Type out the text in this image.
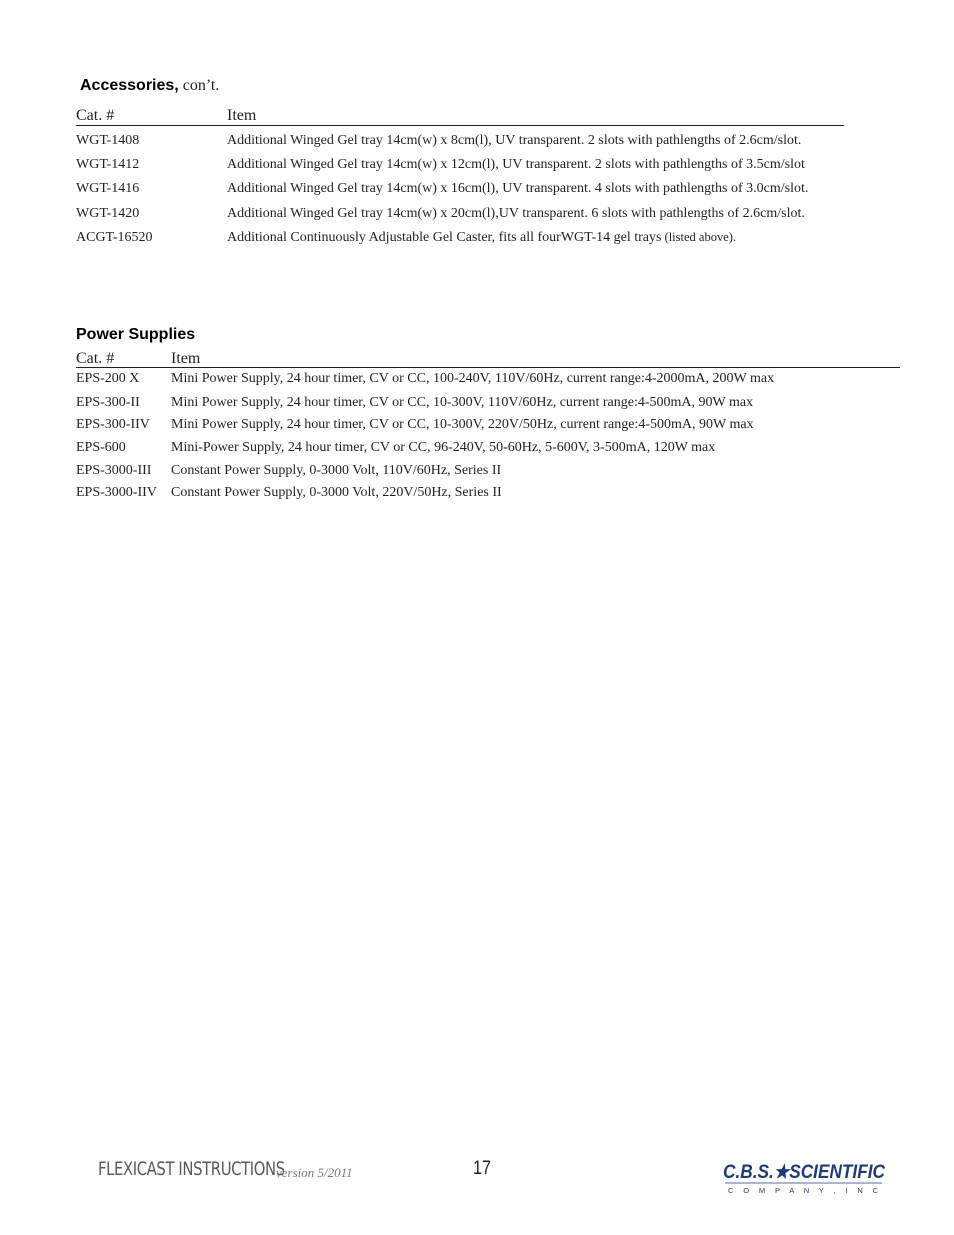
Accessories, con’t.
Cat. #	Item
WGT-1408	Additional Winged Gel tray 14cm(w) x 8cm(l), UV transparent. 2 slots with pathlengths of 2.6cm/slot.
WGT-1412	Additional Winged Gel tray 14cm(w) x 12cm(l), UV transparent. 2 slots with pathlengths of 3.5cm/slot
WGT-1416	Additional Winged Gel tray 14cm(w) x 16cm(l), UV transparent. 4 slots with pathlengths of 3.0cm/slot.
WGT-1420	Additional Winged Gel tray 14cm(w) x 20cm(l),UV transparent. 6 slots with pathlengths of 2.6cm/slot.
ACGT-16520	Additional Continuously Adjustable Gel Caster, fits all fourWGT-14 gel trays (listed above).
Power Supplies
Cat. #	Item
EPS-200 X Mini Power Supply, 24 hour timer, CV or CC, 100-240V, 110V/60Hz, current range:4-2000mA, 200W max
EPS-300-II Mini Power Supply, 24 hour timer, CV or CC, 10-300V, 110V/60Hz, current range:4-500mA, 90W max
EPS-300-IIV Mini Power Supply, 24 hour timer, CV or CC, 10-300V, 220V/50Hz, current range:4-500mA, 90W max
EPS-600	Mini-Power Supply, 24 hour timer, CV or CC, 96-240V, 50-60Hz, 5-600V, 3-500mA, 120W max
EPS-3000-III Constant Power Supply, 0-3000 Volt, 110V/60Hz, Series II
EPS-3000-IIV Constant Power Supply, 0-3000 Volt, 220V/50Hz, Series II
FLEXICAST INSTRUCTIONS
version 5/2011	17	C.B.S.★SCIENTIFIC
C O M P A N Y , I N C
